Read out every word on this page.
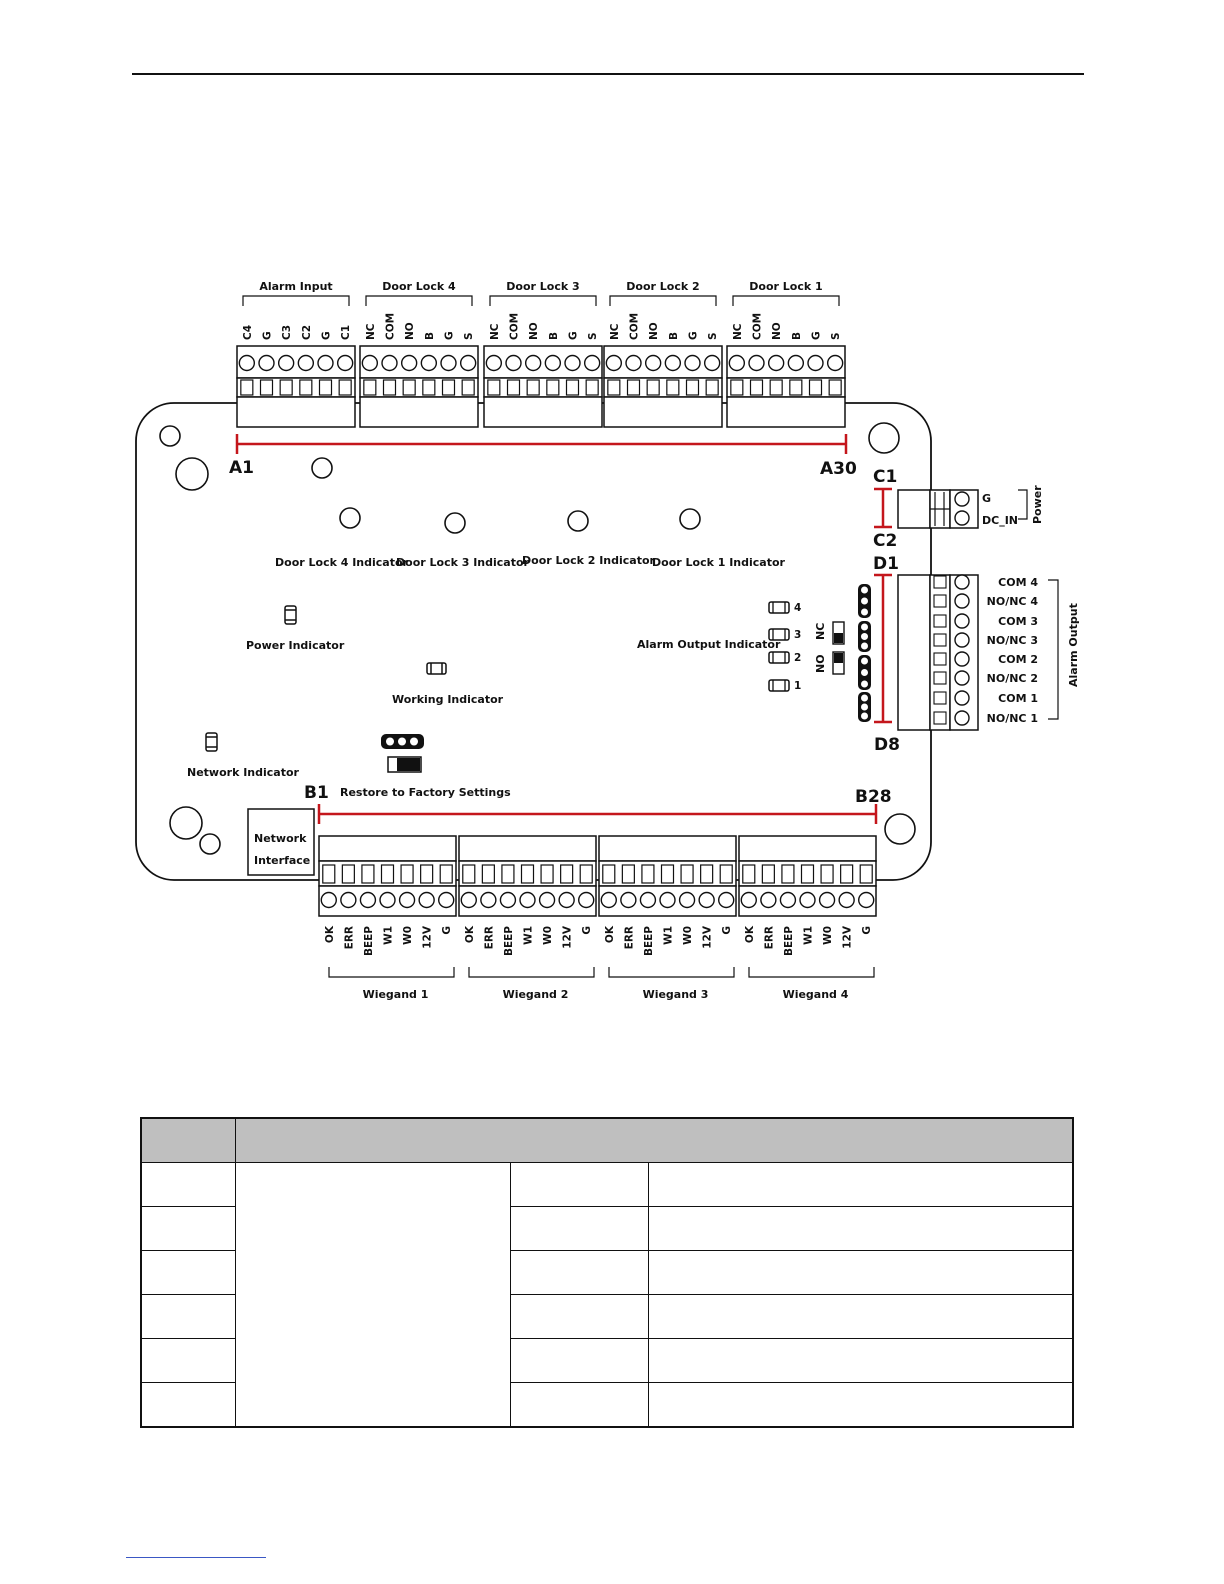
C4 G C3 C2 G C1
Alarm Input
NC COM NO B G S
Door Lock 4
NC COM NO B G S
Door Lock 3
NC COM NO B G S
Door Lock 2
NC COM NO B G S
Door Lock 1
OK ERR BEEP W1 W0 12V G
Wiegand 1
OK ERR BEEP W1 W0 12V G
Wiegand 2
OK ERR BEEP W1 W0 12V G
Wiegand 3
OK ERR BEEP W1 W0 12V G
Wiegand 4
A1	A30
B1	B28
C1
C2
D1
D8
G
DC_IN Power
COM 4
NO/NC 4
COM 3
NO/NC 3
COM 2
NO/NC 2
COM 1
NO/NC 1
Alarm Output
NC
NO
4
3
2
1
Network
Interface
Door Lock 4 Indicator
Door Lock 3 Indicator
Door Lock 2 Indicator
Door Lock 1 Indicator
Power Indicator
Working Indicator
Network Indicator
Alarm Output Indicator
Restore to Factory Settings
